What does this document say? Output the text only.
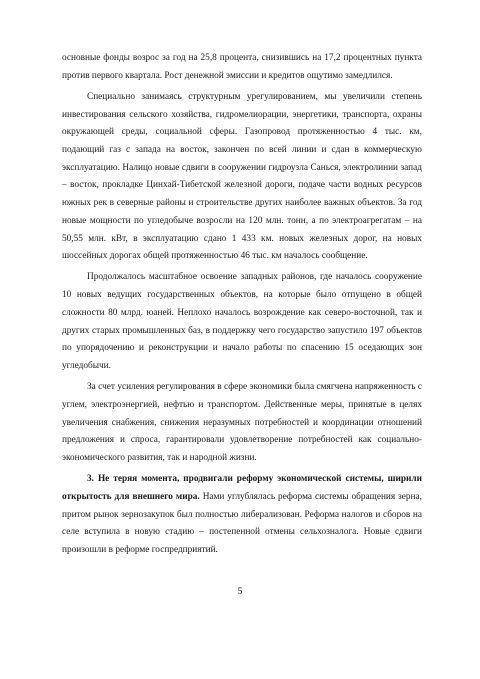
основные фонды возрос за год на 25,8 процента, снизившись на 17,2 процентных пункта против первого квартала. Рост денежной эмиссии и кредитов ощутимо замедлился.

Специально занимаясь структурным урегулированием, мы увеличили степень инвестирования сельского хозяйства, гидромелиорации, энергетики, транспорта, охраны окружающей среды, социальной сферы. Газопровод протяженностью 4 тыс. км, подающий газ с запада на восток, закончен по всей линии и сдан в коммерческую эксплуатацию. Налицо новые сдвиги в сооружении гидроузла Санься, электролинии запад – восток, прокладке Цинхай-Тибетской железной дороги, подаче части водных ресурсов южных рек в северные районы и строительстве других наиболее важных объектов. За год новые мощности по угледобыче возросли на 120 млн. тонн, а по электроагрегатам – на 50,55 млн. кВт, в эксплуатацию сдано 1 433 км. новых железных дорог, на новых шоссейных дорогах общей протяженностью 46 тыс. км началось сообщение.

Продолжалось масштабное освоение западных районов, где началось сооружение 10 новых ведущих государственных объектов, на которые было отпущено в общей сложности 80 млрд. юаней. Неплохо началось возрождение как северо-восточной, так и других старых промышленных баз, в поддержку чего государство запустило 197 объектов по упорядочению и реконструкции и начало работы по спасению 15 оседающих зон угледобычи.

За счет усиления регулирования в сфере экономики была смягчена напряженность с углем, электроэнергией, нефтью и транспортом. Действенные меры, принятые в целях увеличения снабжения, снижения неразумных потребностей и координации отношений предложения и спроса, гарантировали удовлетворение потребностей как социально-экономического развития, так и народной жизни.

3. Не теряя момента, продвигали реформу экономической системы, ширили открытость для внешнего мира. Нами углублялась реформа системы обращения зерна, притом рынок зернозакупок был полностью либерализован. Реформа налогов и сборов на селе вступила в новую стадию – постепенной отмены сельхозналога. Новые сдвиги произошли в реформе госпредприятий.

5
